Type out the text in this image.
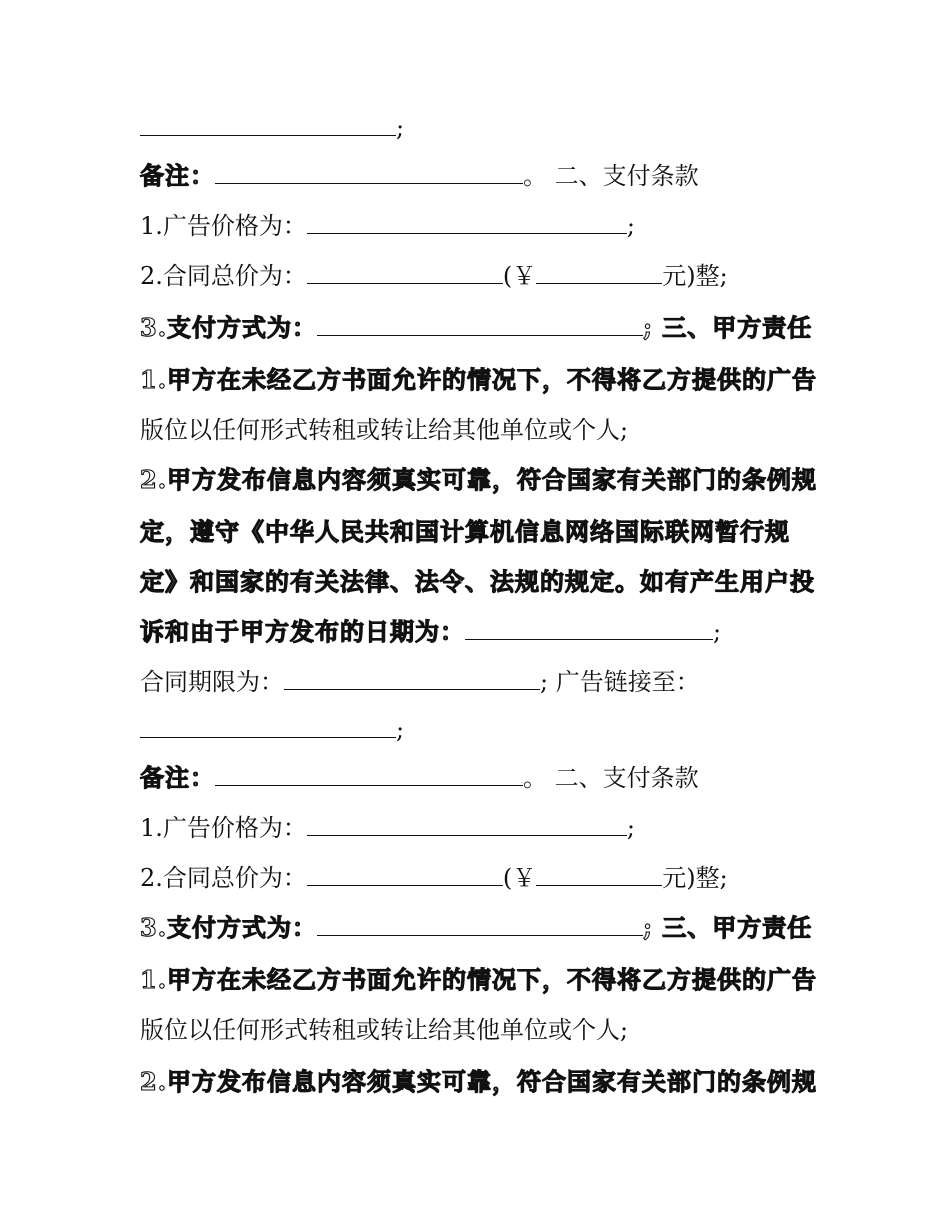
;
备注：	。 二、支付条款
1.广告价格为：	;
2.合同总价为：	(￥	元)整;
3.支付方式为：	; 三、甲方责任
1.甲方在未经乙方书面允许的情况下，不得将乙方提供的广告
版位以任何形式转租或转让给其他单位或个人;
2.甲方发布信息内容须真实可靠，符合国家有关部门的条例规
定，遵守《中华人民共和国计算机信息网络国际联网暂行规
定》和国家的有关法律、法令、法规的规定。如有产生用户投
诉和由于甲方发布的日期为：	;
合同期限为：	; 广告链接至：
;
备注：	。 二、支付条款
1.广告价格为：	;
2.合同总价为：	(￥	元)整;
3.支付方式为：	; 三、甲方责任
1.甲方在未经乙方书面允许的情况下，不得将乙方提供的广告
版位以任何形式转租或转让给其他单位或个人;
2.甲方发布信息内容须真实可靠，符合国家有关部门的条例规
